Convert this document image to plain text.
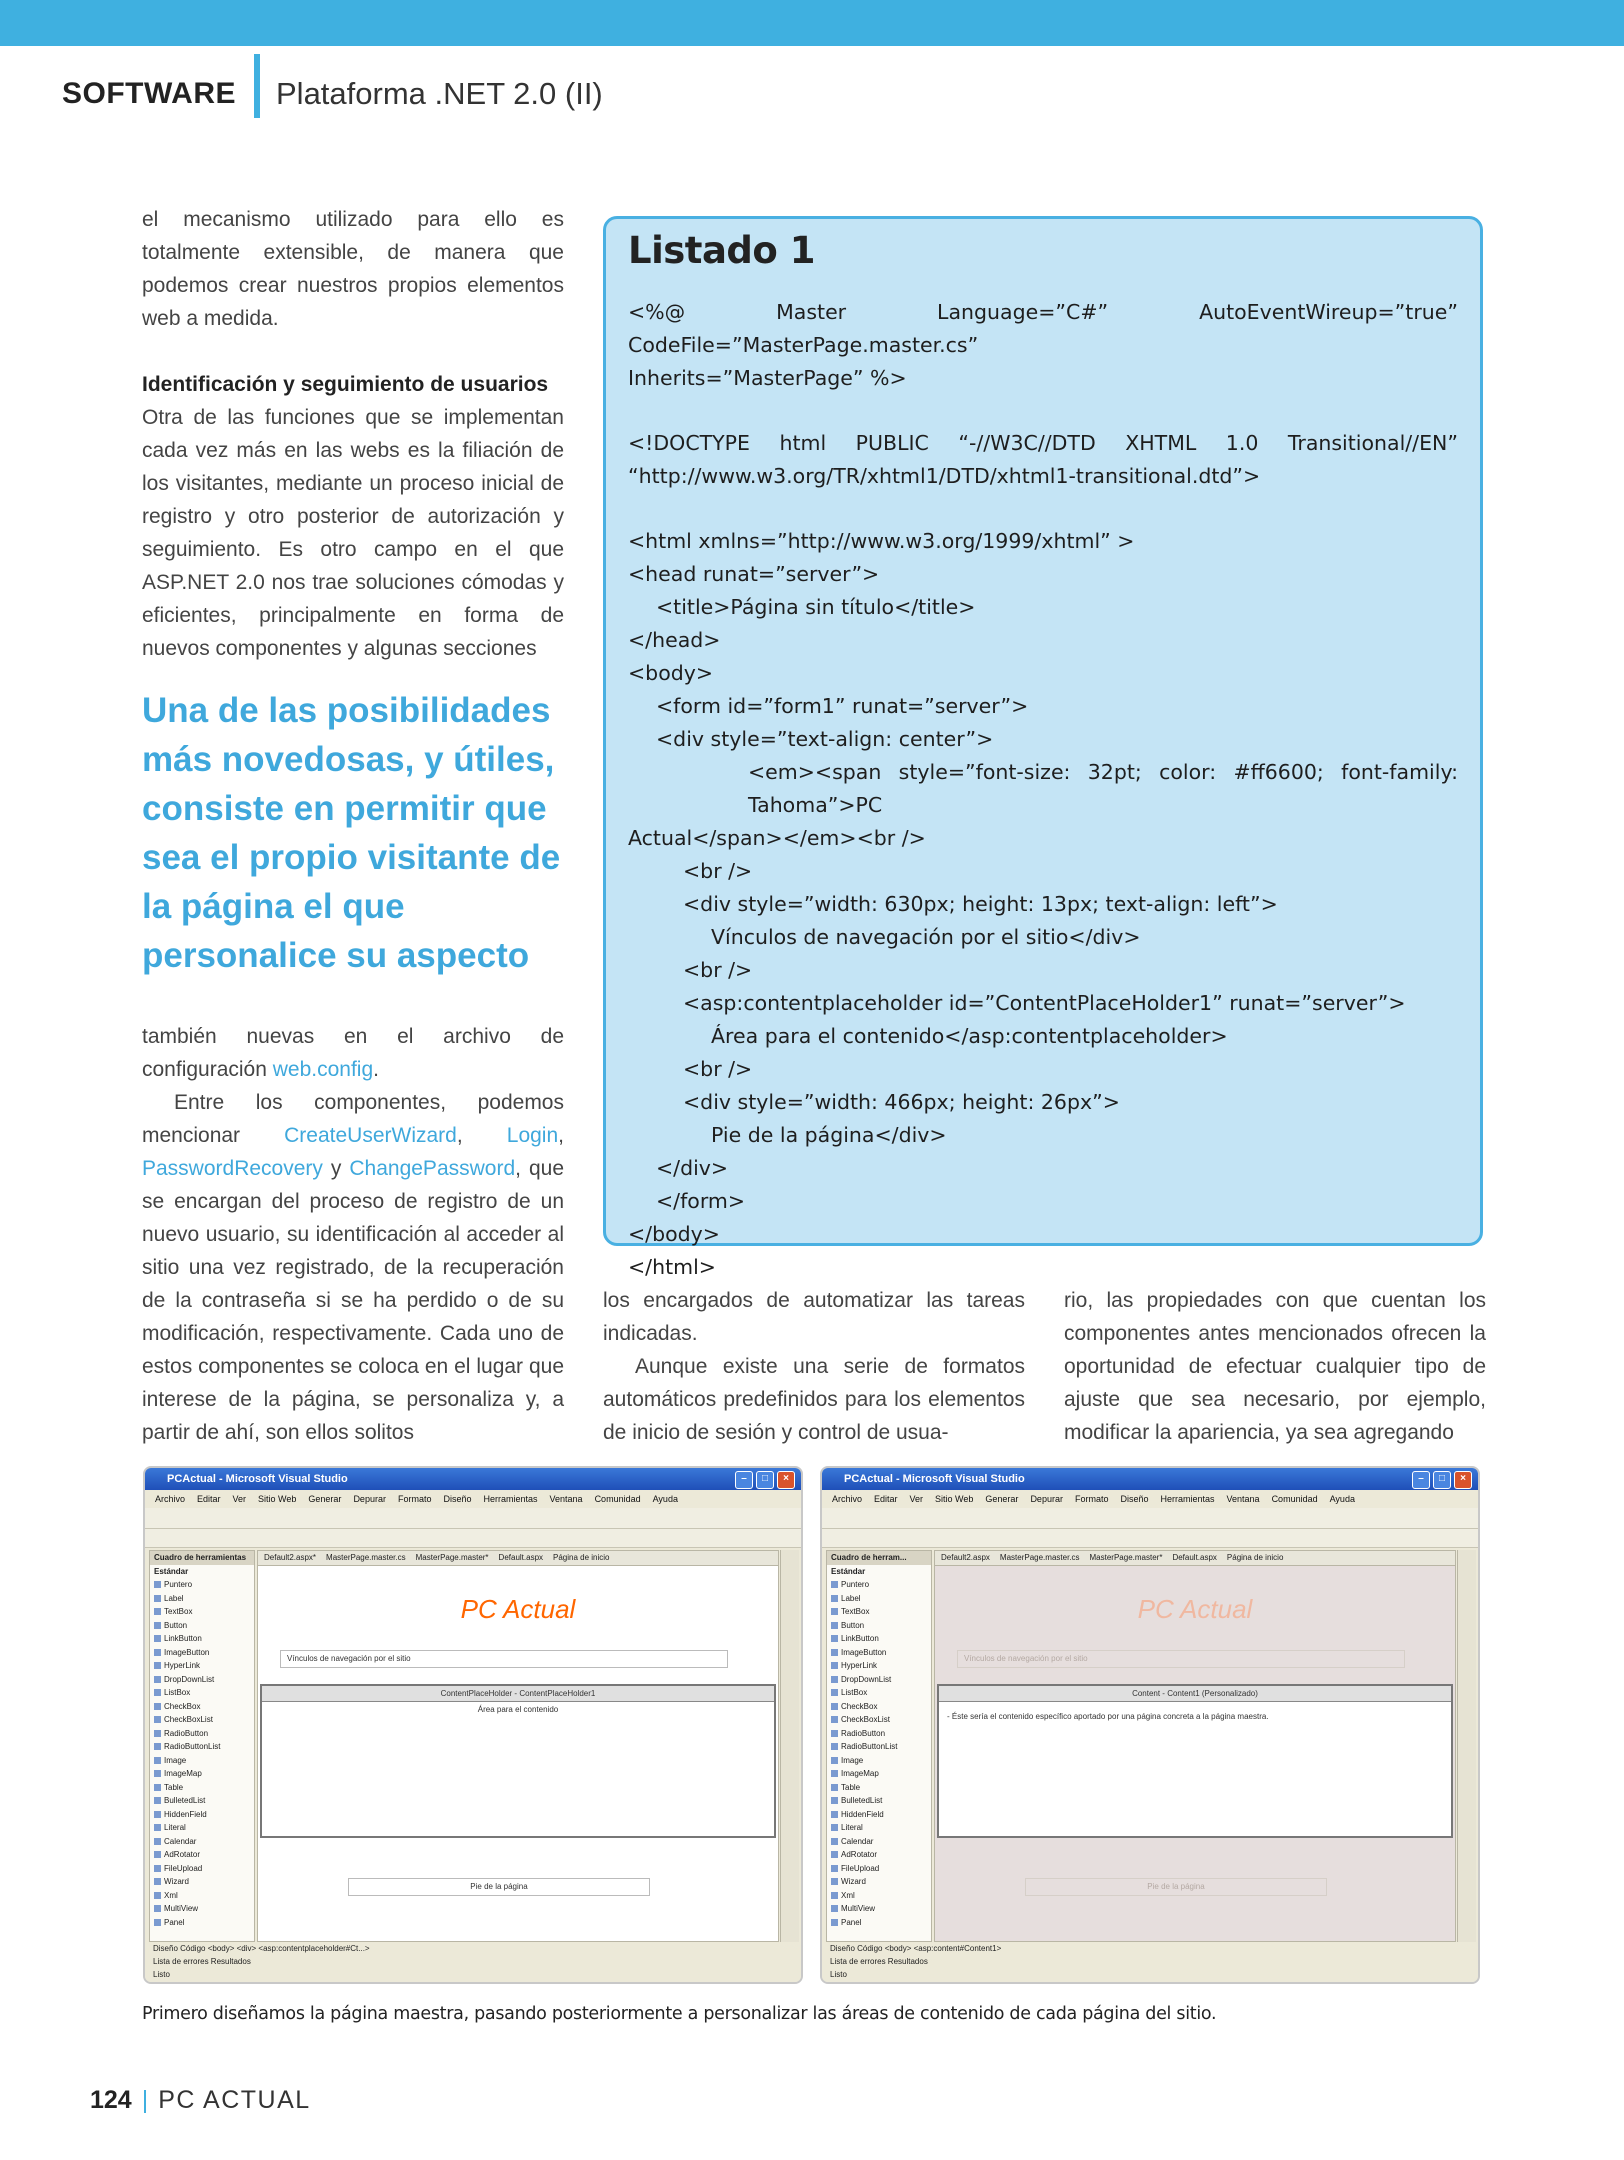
SOFTWARE Plataforma .NET 2.0 (II)

el mecanismo utilizado para ello es totalmente extensible, de manera que podemos crear nuestros propios elementos web a medida.

Identificación y seguimiento de usuarios

Otra de las funciones que se implementan cada vez más en las webs es la filiación de los visitantes, mediante un proceso inicial de registro y otro posterior de autorización y seguimiento. Es otro campo en el que ASP.NET 2.0 nos trae soluciones cómodas y eficientes, principalmente en forma de nuevos componentes y algunas secciones

Una de las posibilidades más novedosas, y útiles, consiste en permitir que sea el propio visitante de la página el que personalice su aspecto

también nuevas en el archivo de configuración web.config.

Entre los componentes, podemos mencionar CreateUserWizard, Login, PasswordRecovery y ChangePassword, que se encargan del proceso de registro de un nuevo usuario, su identificación al acceder al sitio una vez registrado, de la recuperación de la contraseña si se ha perdido o de su modificación, respectivamente. Cada uno de estos componentes se coloca en el lugar que interese de la página, se personaliza y, a partir de ahí, son ellos solitos

los encargados de automatizar las tareas indicadas.

Aunque existe una serie de formatos automáticos predefinidos para los elementos de inicio de sesión y control de usua-

rio, las propiedades con que cuentan los componentes antes mencionados ofrecen la oportunidad de efectuar cualquier tipo de ajuste que sea necesario, por ejemplo, modificar la apariencia, ya sea agregando

Listado 1
<%@ Master Language=”C#” AutoEventWireup=”true” CodeFile=”MasterPage.master.cs”
Inherits=”MasterPage” %>
<!DOCTYPE html PUBLIC “-//W3C//DTD XHTML 1.0 Transitional//EN”
“http://www.w3.org/TR/xhtml1/DTD/xhtml1-transitional.dtd”>
<html xmlns=”http://www.w3.org/1999/xhtml” >
<head runat=”server”>
<title>Página sin título</title>
</head>
<body>
<form id=”form1” runat=”server”>
<div style=”text-align: center”>
<em><span style=”font-size: 32pt; color: #ff6600; font-family: Tahoma”>PC
Actual</span></em><br />
<br />
<div style=”width: 630px; height: 13px; text-align: left”>
Vínculos de navegación por el sitio</div>
<br />
<asp:contentplaceholder id=”ContentPlaceHolder1” runat=”server”>
Área para el contenido</asp:contentplaceholder>
<br />
<div style=”width: 466px; height: 26px”>
Pie de la página</div>
</div>
</form>
</body>
</html>
PCActual - Microsoft Visual Studio	–	□	×
Archivo Editar Ver Sitio Web Generar Depurar Formato Diseño Herramientas Ventana Comunidad Ayuda
Cuadro de herramientas
Estándar
Puntero
Label
TextBox
Button
LinkButton
ImageButton
HyperLink
DropDownList
ListBox
CheckBox
CheckBoxList
RadioButton
RadioButtonList
Image
ImageMap
Table
BulletedList
HiddenField
Literal
Calendar
AdRotator
FileUpload
Wizard
Xml
MultiView
Panel
Default2.aspx* MasterPage.master.cs MasterPage.master* Default.aspx Página de inicio
PC Actual
Vínculos de navegación por el sitio
ContentPlaceHolder - ContentPlaceHolder1
Área para el contenido
Pie de la página
Diseño Código <body> <div> <asp:contentplaceholder#Ct...>
Lista de errores Resultados
Listo
PCActual - Microsoft Visual Studio	–	□	×
Archivo Editar Ver Sitio Web Generar Depurar Formato Diseño Herramientas Ventana Comunidad Ayuda
Cuadro de herram...
Estándar
Puntero
Label
TextBox
Button
LinkButton
ImageButton
HyperLink
DropDownList
ListBox
CheckBox
CheckBoxList
RadioButton
RadioButtonList
Image
ImageMap
Table
BulletedList
HiddenField
Literal
Calendar
AdRotator
FileUpload
Wizard
Xml
MultiView
Panel
Default2.aspx MasterPage.master.cs MasterPage.master* Default.aspx Página de inicio
PC Actual
Vínculos de navegación por el sitio
Content - Content1 (Personalizado)
- Éste sería el contenido específico aportado por una página concreta a la página maestra.
Pie de la página
Diseño Código <body> <asp:content#Content1>
Lista de errores Resultados
Listo
Primero diseñamos la página maestra, pasando posteriormente a personalizar las áreas de contenido de cada página del sitio.
124 | PC ACTUAL
